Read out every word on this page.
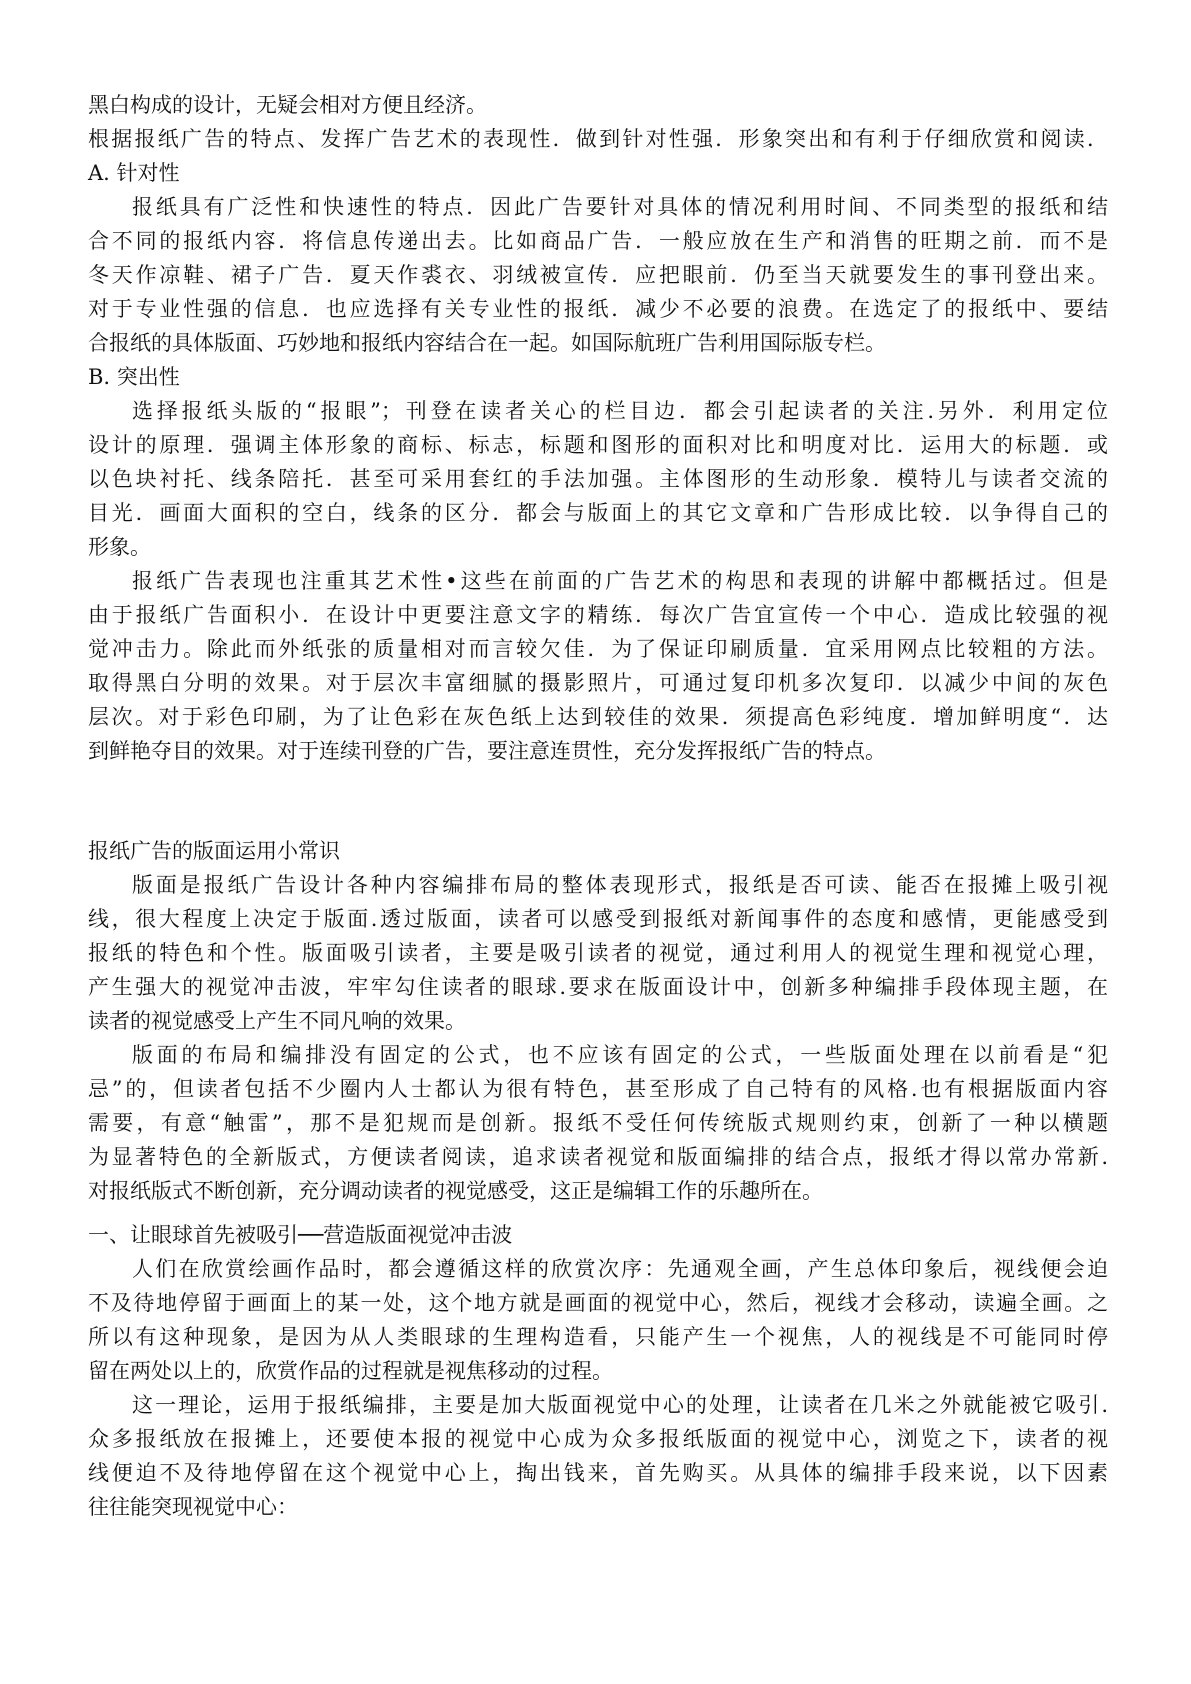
黑白构成的设计，无疑会相对方便且经济。

根据报纸广告的特点、发挥广告艺术的表现性．做到针对性强．形象突出和有利于仔细欣赏和阅读．

A. 针对性

报纸具有广泛性和快速性的特点．因此广告要针对具体的情况利用时间、不同类型的报纸和结

合不同的报纸内容．将信息传递出去。比如商品广告．一般应放在生产和消售的旺期之前．而不是

冬天作凉鞋、裙子广告．夏天作裘衣、羽绒被宣传．应把眼前．仍至当天就要发生的事刊登出来。

对于专业性强的信息．也应选择有关专业性的报纸．减少不必要的浪费。在选定了的报纸中、要结

合报纸的具体版面、巧妙地和报纸内容结合在一起。如国际航班广告利用国际版专栏。

B. 突出性

选择报纸头版的“报眼”；刊登在读者关心的栏目边．都会引起读者的关注.另外．利用定位

设计的原理．强调主体形象的商标、标志，标题和图形的面积对比和明度对比．运用大的标题．或

以色块衬托、线条陪托．甚至可采用套红的手法加强。主体图形的生动形象．模特儿与读者交流的

目光．画面大面积的空白，线条的区分．都会与版面上的其它文章和广告形成比较．以争得自己的

形象。

报纸广告表现也注重其艺术性•这些在前面的广告艺术的构思和表现的讲解中都概括过。但是

由于报纸广告面积小．在设计中更要注意文字的精练．每次广告宜宣传一个中心．造成比较强的视

觉冲击力。除此而外纸张的质量相对而言较欠佳．为了保证印刷质量．宜采用网点比较粗的方法。

取得黑白分明的效果。对于层次丰富细腻的摄影照片，可通过复印机多次复印．以减少中间的灰色

层次。对于彩色印刷，为了让色彩在灰色纸上达到较佳的效果．须提高色彩纯度．增加鲜明度“．达

到鲜艳夺目的效果。对于连续刊登的广告，要注意连贯性，充分发挥报纸广告的特点。

报纸广告的版面运用小常识

版面是报纸广告设计各种内容编排布局的整体表现形式，报纸是否可读、能否在报摊上吸引视

线，很大程度上决定于版面.透过版面，读者可以感受到报纸对新闻事件的态度和感情，更能感受到

报纸的特色和个性。版面吸引读者，主要是吸引读者的视觉，通过利用人的视觉生理和视觉心理，

产生强大的视觉冲击波，牢牢勾住读者的眼球.要求在版面设计中，创新多种编排手段体现主题，在

读者的视觉感受上产生不同凡响的效果。

版面的布局和编排没有固定的公式，也不应该有固定的公式，一些版面处理在以前看是“犯

忌”的，但读者包括不少圈内人士都认为很有特色，甚至形成了自己特有的风格.也有根据版面内容

需要，有意“触雷”，那不是犯规而是创新。报纸不受任何传统版式规则约束，创新了一种以横题

为显著特色的全新版式，方便读者阅读，追求读者视觉和版面编排的结合点，报纸才得以常办常新.

对报纸版式不断创新，充分调动读者的视觉感受，这正是编辑工作的乐趣所在。

一、让眼球首先被吸引──营造版面视觉冲击波

人们在欣赏绘画作品时，都会遵循这样的欣赏次序：先通观全画，产生总体印象后，视线便会迫

不及待地停留于画面上的某一处，这个地方就是画面的视觉中心，然后，视线才会移动，读遍全画。之

所以有这种现象，是因为从人类眼球的生理构造看，只能产生一个视焦，人的视线是不可能同时停

留在两处以上的，欣赏作品的过程就是视焦移动的过程。

这一理论，运用于报纸编排，主要是加大版面视觉中心的处理，让读者在几米之外就能被它吸引.

众多报纸放在报摊上，还要使本报的视觉中心成为众多报纸版面的视觉中心，浏览之下，读者的视

线便迫不及待地停留在这个视觉中心上，掏出钱来，首先购买。从具体的编排手段来说，以下因素

往往能突现视觉中心：
